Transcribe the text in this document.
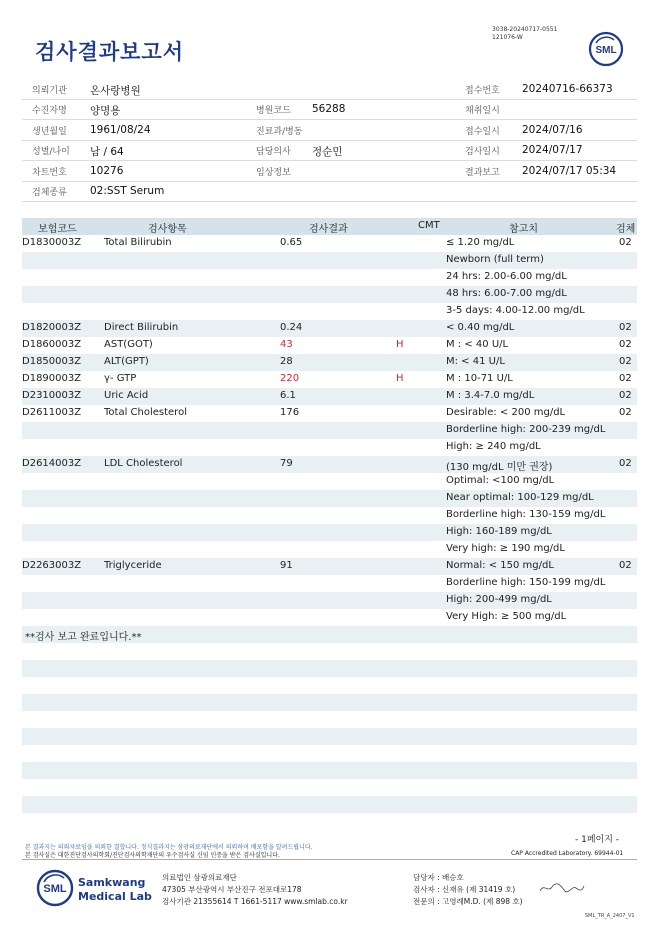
검사결과보고서
3038-20240717-0551
121076-W
SML
의뢰기관 온사랑병원	접수번호 20240716-66373
수진자명 양명용	병원코드 56288	채취일시
생년월일 1961/08/24	진료과/병동	접수일시 2024/07/16
성별/나이 남 / 64	담당의사 정순민	검사일시 2024/07/17
차트번호 10276	임상정보	결과보고 2024/07/17 05:34
검체종류 02:SST Serum
보험코드	검사항목	검사결과	CMT	참고치	검체
D1830003Z Total Bilirubin	0.65	≤ 1.20 mg/dL	02
Newborn (full term)
24 hrs: 2.00-6.00 mg/dL
48 hrs: 6.00-7.00 mg/dL
3-5 days: 4.00-12.00 mg/dL
D1820003Z Direct Bilirubin	0.24	< 0.40 mg/dL	02
D1860003Z AST(GOT)	43	H	M : < 40 U/L	02
D1850003Z ALT(GPT)	28	M: < 41 U/L	02
D1890003Z γ- GTP	220	H	M : 10-71 U/L	02
D2310003Z Uric Acid	6.1	M : 3.4-7.0 mg/dL	02
D2611003Z Total Cholesterol	176	Desirable: < 200 mg/dL	02
Borderline high: 200-239 mg/dL
High: ≥ 240 mg/dL
D2614003Z LDL Cholesterol	79	(130 mg/dL 미만 권장)	02
Optimal: <100 mg/dL
Near optimal: 100-129 mg/dL
Borderline high: 130-159 mg/dL
High: 160-189 mg/dL
Very high: ≥ 190 mg/dL
D2263003Z Triglyceride	91	Normal: < 150 mg/dL	02
Borderline high: 150-199 mg/dL
High: 200-499 mg/dL
Very High: ≥ 500 mg/dL
**검사 보고 완료입니다.**
본 결과지는 의뢰자료임을 의뢰한 결합니다. 정식결과지는 삼광의료재단에서 의뢰하며 배포함을 알려드립니다.
본 검사실은 대한진단검사의학회/진단검사의학재단의 우수검사실 신임 인증을 받은 검사실입니다.
- 1페이지 -
CAP Accredited Laboratory. 69944-01
SML Samkwang
Medical Lab
의료법인 삼광의료재단
47305 부산광역시 부산진구 전포대로178
검사기관 21355614 T 1661-5117 www.smlab.co.kr
담당자 : 배승호
검사자 : 신재유 (제 31419 호)
전문의 : 고영례M.D. (제 898 호)
SML_TR_A_2407_V1
